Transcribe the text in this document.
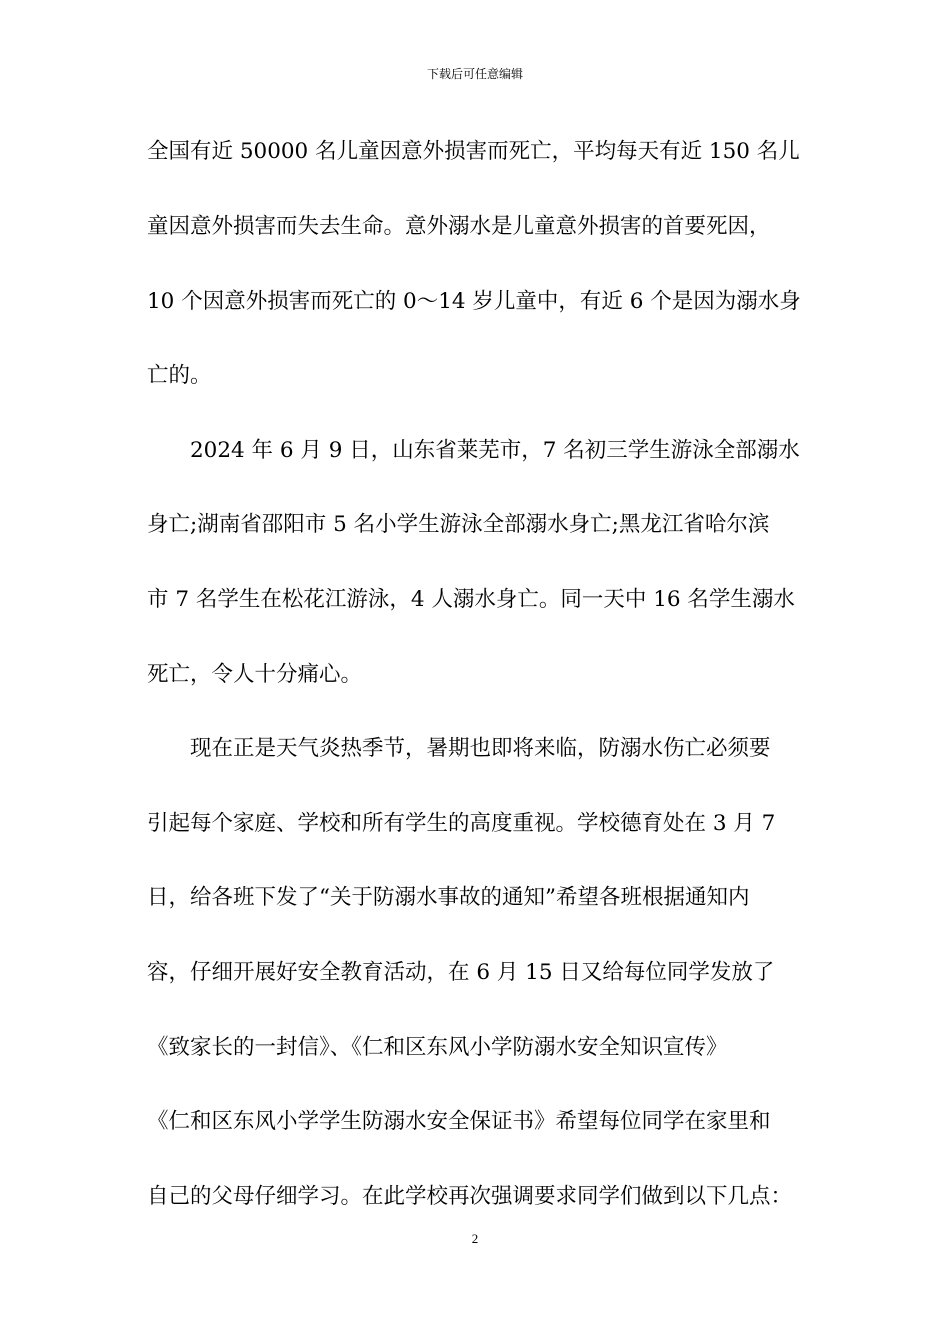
下载后可任意编辑
全国有近 50000 名儿童因意外损害而死亡，平均每天有近 150 名儿
童因意外损害而失去生命。意外溺水是儿童意外损害的首要死因，
10 个因意外损害而死亡的 0～14 岁儿童中，有近 6 个是因为溺水身
亡的。
2024 年 6 月 9 日，山东省莱芜市，7 名初三学生游泳全部溺水
身亡;湖南省邵阳市 5 名小学生游泳全部溺水身亡;黑龙江省哈尔滨
市 7 名学生在松花江游泳，4 人溺水身亡。同一天中 16 名学生溺水
死亡，令人十分痛心。
现在正是天气炎热季节，暑期也即将来临，防溺水伤亡必须要
引起每个家庭、学校和所有学生的高度重视。学校德育处在 3 月 7
日，给各班下发了“关于防溺水事故的通知”希望各班根据通知内
容，仔细开展好安全教育活动，在 6 月 15 日又给每位同学发放了
《致家长的一封信》、《仁和区东风小学防溺水安全知识宣传》
《仁和区东风小学学生防溺水安全保证书》希望每位同学在家里和
自己的父母仔细学习。在此学校再次强调要求同学们做到以下几点：
2
